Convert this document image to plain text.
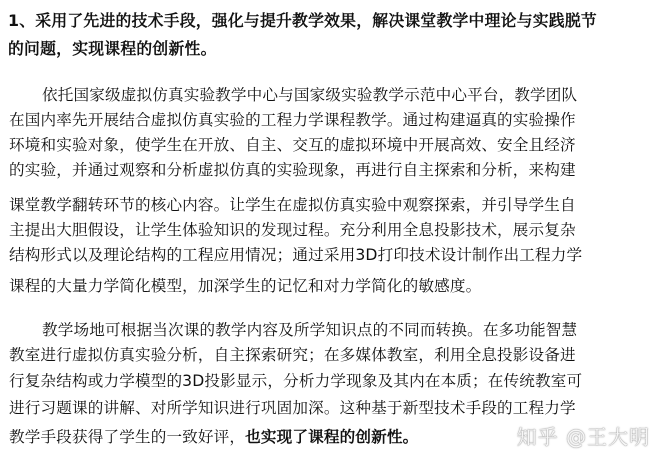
1、采用了先进的技术手段，强化与提升教学效果，解决课堂教学中理论与实践脱节
的问题，实现课程的创新性。
依托国家级虚拟仿真实验教学中心与国家级实验教学示范中心平台，教学团队
在国内率先开展结合虚拟仿真实验的工程力学课程教学。通过构建逼真的实验操作
环境和实验对象，使学生在开放、自主、交互的虚拟环境中开展高效、安全且经济
的实验，并通过观察和分析虚拟仿真的实验现象，再进行自主探索和分析，来构建
课堂教学翻转环节的核心内容。让学生在虚拟仿真实验中观察探索，并引导学生自
主提出大胆假设，让学生体验知识的发现过程。充分利用全息投影技术，展示复杂
结构形式以及理论结构的工程应用情况；通过采用3D打印技术设计制作出工程力学
课程的大量力学简化模型，加深学生的记忆和对力学简化的敏感度。
教学场地可根据当次课的教学内容及所学知识点的不同而转换。在多功能智慧
教室进行虚拟仿真实验分析，自主探索研究；在多媒体教室，利用全息投影设备进
行复杂结构或力学模型的3D投影显示，分析力学现象及其内在本质；在传统教室可
进行习题课的讲解、对所学知识进行巩固加深。这种基于新型技术手段的工程力学
教学手段获得了学生的一致好评，也实现了课程的创新性。	知乎 @王大明
